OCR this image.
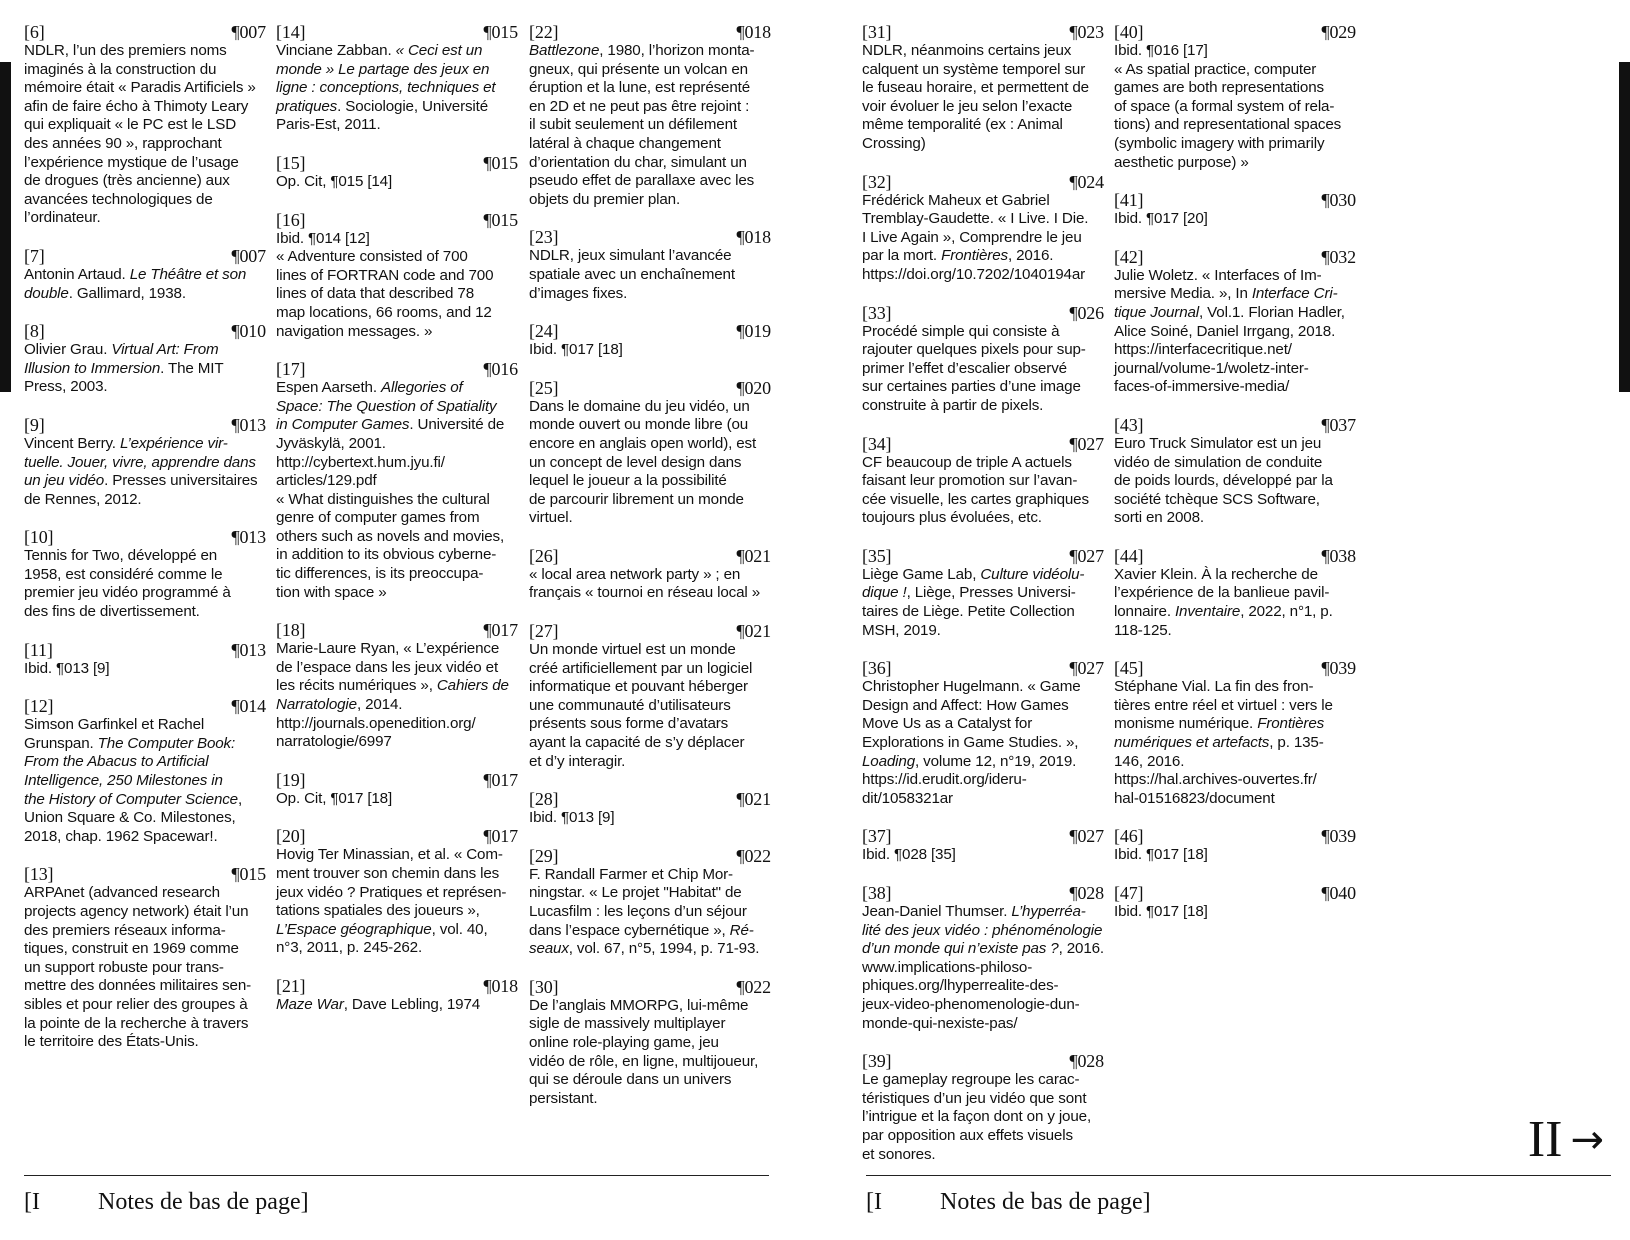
[6]	¶007
NDLR, l’un des premiers noms
imaginés à la construction du
mémoire était « Paradis Artificiels »
afin de faire écho à Thimoty Leary
qui expliquait « le PC est le LSD
des années 90 », rapprochant
l’expérience mystique de l’usage
de drogues (très ancienne) aux
avancées technologiques de
l’ordinateur.
[7]	¶007
Antonin Artaud. Le Théâtre et son
double. Gallimard, 1938.
[8]	¶010
Olivier Grau. Virtual Art: From
Illusion to Immersion. The MIT
Press, 2003.
[9]	¶013
Vincent Berry. L’expérience vir-
tuelle. Jouer, vivre, apprendre dans
un jeu vidéo. Presses universitaires
de Rennes, 2012.
[10]	¶013
Tennis for Two, développé en
1958, est considéré comme le
premier jeu vidéo programmé à
des fins de divertissement.
[11]	¶013
Ibid. ¶013 [9]
[12]	¶014
Simson Garfinkel et Rachel
Grunspan. The Computer Book:
From the Abacus to Artificial
Intelligence, 250 Milestones in
the History of Computer Science,
Union Square & Co. Milestones,
2018, chap. 1962 Spacewar!.
[13]	¶015
ARPAnet (advanced research
projects agency network) était l’un
des premiers réseaux informa-
tiques, construit en 1969 comme
un support robuste pour trans-
mettre des données militaires sen-
sibles et pour relier des groupes à
la pointe de la recherche à travers
le territoire des États-Unis.
[14]	¶015
Vinciane Zabban. « Ceci est un
monde » Le partage des jeux en
ligne : conceptions, techniques et
pratiques. Sociologie, Université
Paris-Est, 2011.
[15]	¶015
Op. Cit, ¶015 [14]
[16]	¶015
Ibid. ¶014 [12]
« Adventure consisted of 700
lines of FORTRAN code and 700
lines of data that described 78
map locations, 66 rooms, and 12
navigation messages. »
[17]	¶016
Espen Aarseth. Allegories of
Space: The Question of Spatiality
in Computer Games. Université de
Jyväskylä, 2001.
http://cybertext.hum.jyu.fi/
articles/129.pdf
« What distinguishes the cultural
genre of computer games from
others such as novels and movies,
in addition to its obvious cyberne-
tic differences, is its preoccupa-
tion with space »
[18]	¶017
Marie-Laure Ryan, « L’expérience
de l’espace dans les jeux vidéo et
les récits numériques », Cahiers de
Narratologie, 2014.
http://journals.openedition.org/
narratologie/6997
[19]	¶017
Op. Cit, ¶017 [18]
[20]	¶017
Hovig Ter Minassian, et al. « Com-
ment trouver son chemin dans les
jeux vidéo ? Pratiques et représen-
tations spatiales des joueurs »,
L’Espace géographique, vol. 40,
n°3, 2011, p. 245-262.
[21]	¶018
Maze War, Dave Lebling, 1974
[22]	¶018
Battlezone, 1980, l’horizon monta-
gneux, qui présente un volcan en
éruption et la lune, est représenté
en 2D et ne peut pas être rejoint :
il subit seulement un défilement
latéral à chaque changement
d’orientation du char, simulant un
pseudo effet de parallaxe avec les
objets du premier plan.
[23]	¶018
NDLR, jeux simulant l’avancée
spatiale avec un enchaînement
d’images fixes.
[24]	¶019
Ibid. ¶017 [18]
[25]	¶020
Dans le domaine du jeu vidéo, un
monde ouvert ou monde libre (ou
encore en anglais open world), est
un concept de level design dans
lequel le joueur a la possibilité
de parcourir librement un monde
virtuel.
[26]	¶021
« local area network party » ; en
français « tournoi en réseau local »
[27]	¶021
Un monde virtuel est un monde
créé artificiellement par un logiciel
informatique et pouvant héberger
une communauté d’utilisateurs
présents sous forme d’avatars
ayant la capacité de s’y déplacer
et d’y interagir.
[28]	¶021
Ibid. ¶013 [9]
[29]	¶022
F. Randall Farmer et Chip Mor-
ningstar. « Le projet "Habitat" de
Lucasfilm : les leçons d’un séjour
dans l’espace cybernétique », Ré-
seaux, vol. 67, n°5, 1994, p. 71-93.
[30]	¶022
De l’anglais MMORPG, lui-même
sigle de massively multiplayer
online role-playing game, jeu
vidéo de rôle, en ligne, multijoueur,
qui se déroule dans un univers
persistant.
[I Notes de bas de page]
[31]	¶023
NDLR, néanmoins certains jeux
calquent un système temporel sur
le fuseau horaire, et permettent de
voir évoluer le jeu selon l’exacte
même temporalité (ex : Animal
Crossing)
[32]	¶024
Frédérick Maheux et Gabriel
Tremblay-Gaudette. « I Live. I Die.
I Live Again », Comprendre le jeu
par la mort. Frontières, 2016.
https://doi.org/10.7202/1040194ar
[33]	¶026
Procédé simple qui consiste à
rajouter quelques pixels pour sup-
primer l’effet d’escalier observé
sur certaines parties d’une image
construite à partir de pixels.
[34]	¶027
CF beaucoup de triple A actuels
faisant leur promotion sur l’avan-
cée visuelle, les cartes graphiques
toujours plus évoluées, etc.
[35]	¶027
Liège Game Lab, Culture vidéolu-
dique !, Liège, Presses Universi-
taires de Liège. Petite Collection
MSH, 2019.
[36]	¶027
Christopher Hugelmann. « Game
Design and Affect: How Games
Move Us as a Catalyst for
Explorations in Game Studies. »,
Loading, volume 12, n°19, 2019.
https://id.erudit.org/ideru-
dit/1058321ar
[37]	¶027
Ibid. ¶028 [35]
[38]	¶028
Jean-Daniel Thumser. L’hyperréa-
lité des jeux vidéo : phénoménologie
d’un monde qui n’existe pas ?, 2016.
www.implications-philoso-
phiques.org/lhyperrealite-des-
jeux-video-phenomenologie-dun-
monde-qui-nexiste-pas/
[39]	¶028
Le gameplay regroupe les carac-
téristiques d’un jeu vidéo que sont
l’intrigue et la façon dont on y joue,
par opposition aux effets visuels
et sonores.
[40]	¶029
Ibid. ¶016 [17]
« As spatial practice, computer
games are both representations
of space (a formal system of rela-
tions) and representational spaces
(symbolic imagery with primarily
aesthetic purpose) »
[41]	¶030
Ibid. ¶017 [20]
[42]	¶032
Julie Woletz. « Interfaces of Im-
mersive Media. », In Interface Cri-
tique Journal, Vol.1. Florian Hadler,
Alice Soiné, Daniel Irrgang, 2018.
https://interfacecritique.net/
journal/volume-1/woletz-inter-
faces-of-immersive-media/
[43]	¶037
Euro Truck Simulator est un jeu
vidéo de simulation de conduite
de poids lourds, développé par la
société tchèque SCS Software,
sorti en 2008.
[44]	¶038
Xavier Klein. À la recherche de
l’expérience de la banlieue pavil-
lonnaire. Inventaire, 2022, n°1, p.
118-125.
[45]	¶039
Stéphane Vial. La fin des fron-
tières entre réel et virtuel : vers le
monisme numérique. Frontières
numériques et artefacts, p. 135-
146, 2016.
https://hal.archives-ouvertes.fr/
hal-01516823/document
[46]	¶039
Ibid. ¶017 [18]
[47]	¶040
Ibid. ¶017 [18]
II →
[I Notes de bas de page]
